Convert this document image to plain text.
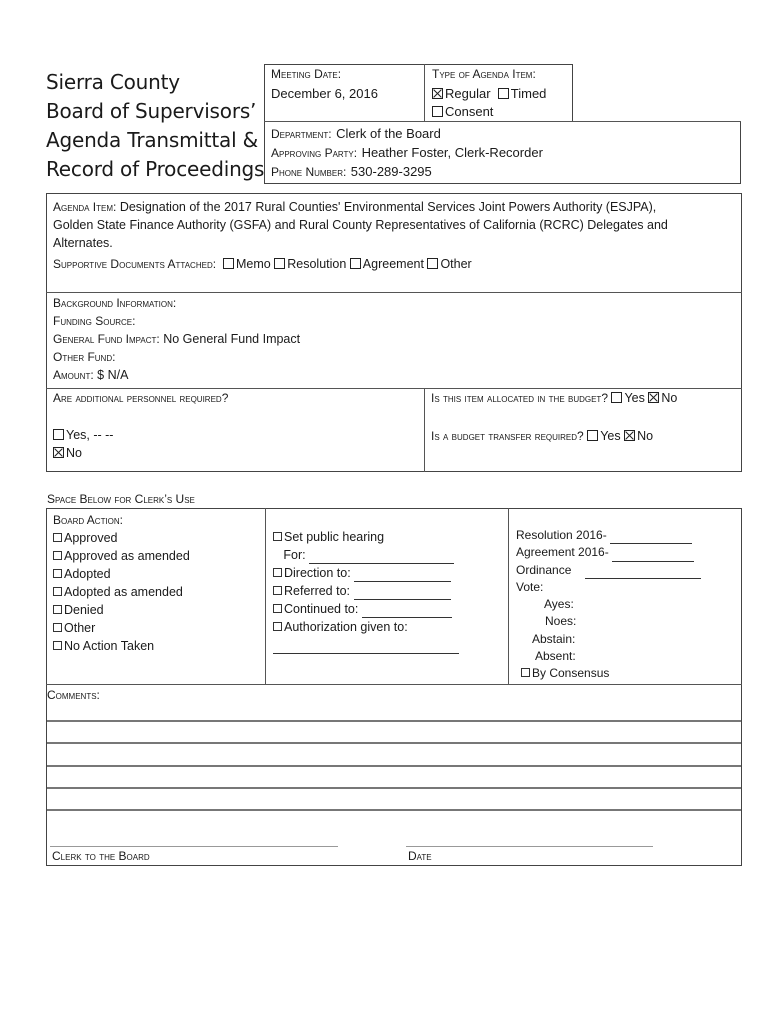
Sierra County
Board of Supervisors’
Agenda Transmittal &
Record of Proceedings
Meeting Date:
December 6, 2016
Type of Agenda Item:
Regular Timed
Consent
Department: Clerk of the Board
Approving Party: Heather Foster, Clerk-Recorder
Phone Number: 530-289-3295
Agenda Item: Designation of the 2017 Rural Counties' Environmental Services Joint Powers Authority (ESJPA),
Golden State Finance Authority (GSFA) and Rural County Representatives of California (RCRC) Delegates and
Alternates.
Supportive Documents Attached: Memo Resolution Agreement Other
Background Information:
Funding Source:
General Fund Impact: No General Fund Impact
Other Fund:
Amount: $ N/A
Are additional personnel required?
Yes, -- --
No
Is this item allocated in the budget? Yes No
Is a budget transfer required? Yes No
Space Below for Clerk’s Use
Board Action:
Approved
Approved as amended
Adopted
Adopted as amended
Denied
Other
No Action Taken
Set public hearing
For:
Direction to:
Referred to:
Continued to:
Authorization given to:
Resolution 2016-
Agreement 2016-
Ordinance
Vote:
Ayes:
Noes:
Abstain:
Absent:
By Consensus
Comments:
Clerk to the Board	Date
